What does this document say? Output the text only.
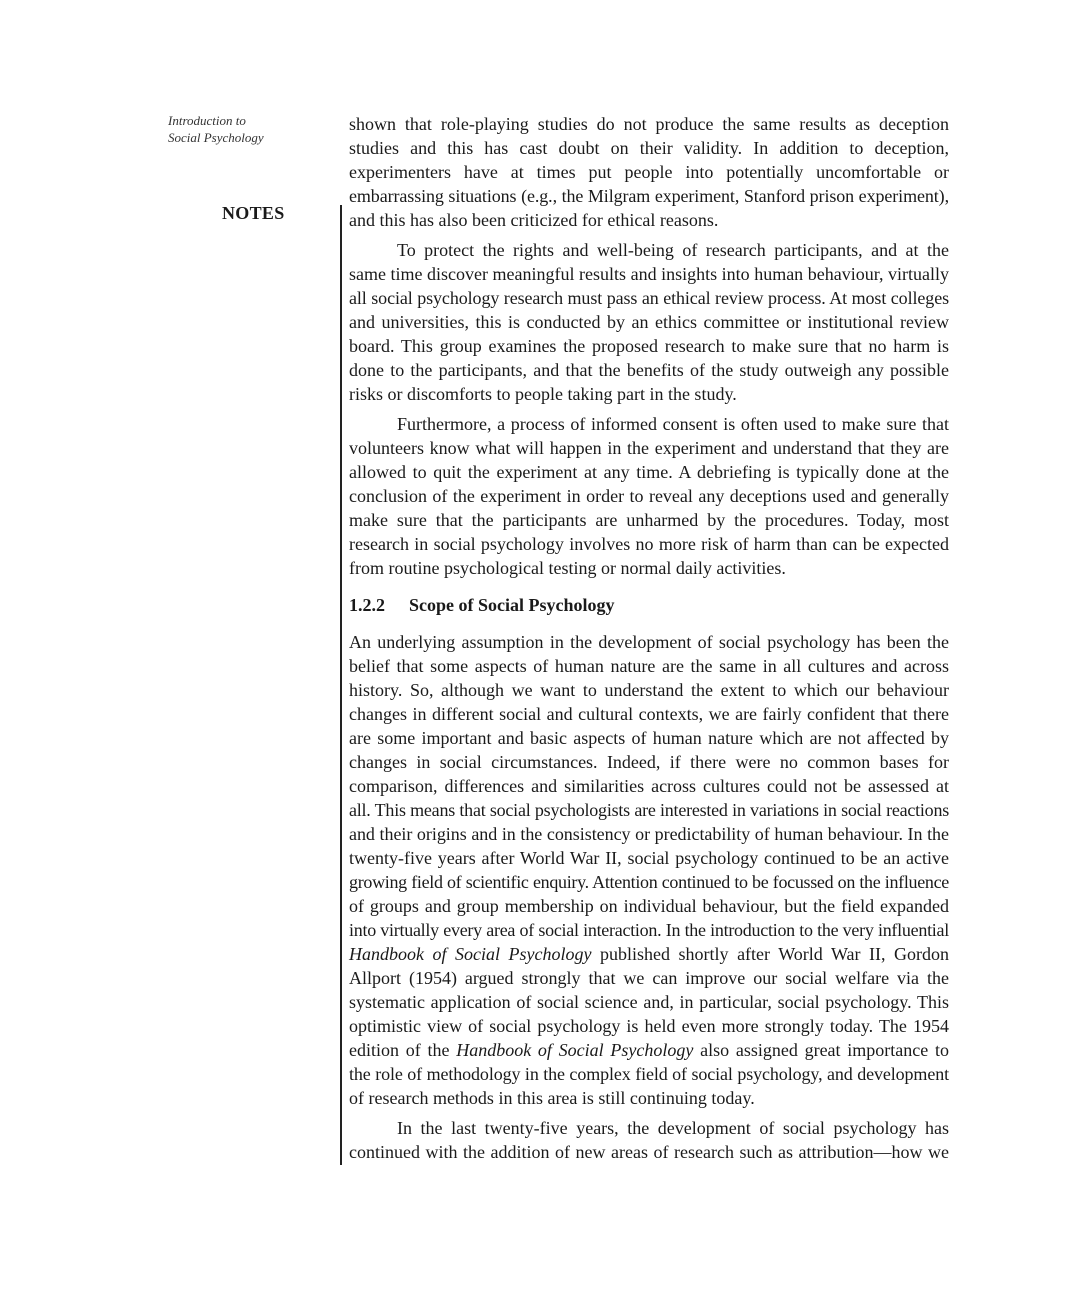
Introduction to
Social Psychology
NOTES
shown that role-playing studies do not produce the same results as deception
studies and this has cast doubt on their validity. In addition to deception,
experimenters have at times put people into potentially uncomfortable or
embarrassing situations (e.g., the Milgram experiment, Stanford prison experiment),
and this has also been criticized for ethical reasons.
To protect the rights and well-being of research participants, and at the
same time discover meaningful results and insights into human behaviour, virtually
all social psychology research must pass an ethical review process. At most colleges
and universities, this is conducted by an ethics committee or institutional review
board. This group examines the proposed research to make sure that no harm is
done to the participants, and that the benefits of the study outweigh any possible
risks or discomforts to people taking part in the study.
Furthermore, a process of informed consent is often used to make sure that
volunteers know what will happen in the experiment and understand that they are
allowed to quit the experiment at any time. A debriefing is typically done at the
conclusion of the experiment in order to reveal any deceptions used and generally
make sure that the participants are unharmed by the procedures. Today, most
research in social psychology involves no more risk of harm than can be expected
from routine psychological testing or normal daily activities.
1.2.2 Scope of Social Psychology
An underlying assumption in the development of social psychology has been the
belief that some aspects of human nature are the same in all cultures and across
history. So, although we want to understand the extent to which our behaviour
changes in different social and cultural contexts, we are fairly confident that there
are some important and basic aspects of human nature which are not affected by
changes in social circumstances. Indeed, if there were no common bases for
comparison, differences and similarities across cultures could not be assessed at
all. This means that social psychologists are interested in variations in social reactions
and their origins and in the consistency or predictability of human behaviour. In the
twenty-five years after World War II, social psychology continued to be an active
growing field of scientific enquiry. Attention continued to be focussed on the influence
of groups and group membership on individual behaviour, but the field expanded
into virtually every area of social interaction. In the introduction to the very influential
Handbook of Social Psychology published shortly after World War II, Gordon
Allport (1954) argued strongly that we can improve our social welfare via the
systematic application of social science and, in particular, social psychology. This
optimistic view of social psychology is held even more strongly today. The 1954
edition of the Handbook of Social Psychology also assigned great importance to
the role of methodology in the complex field of social psychology, and development
of research methods in this area is still continuing today.
In the last twenty-five years, the development of social psychology has
continued with the addition of new areas of research such as attribution—how we
